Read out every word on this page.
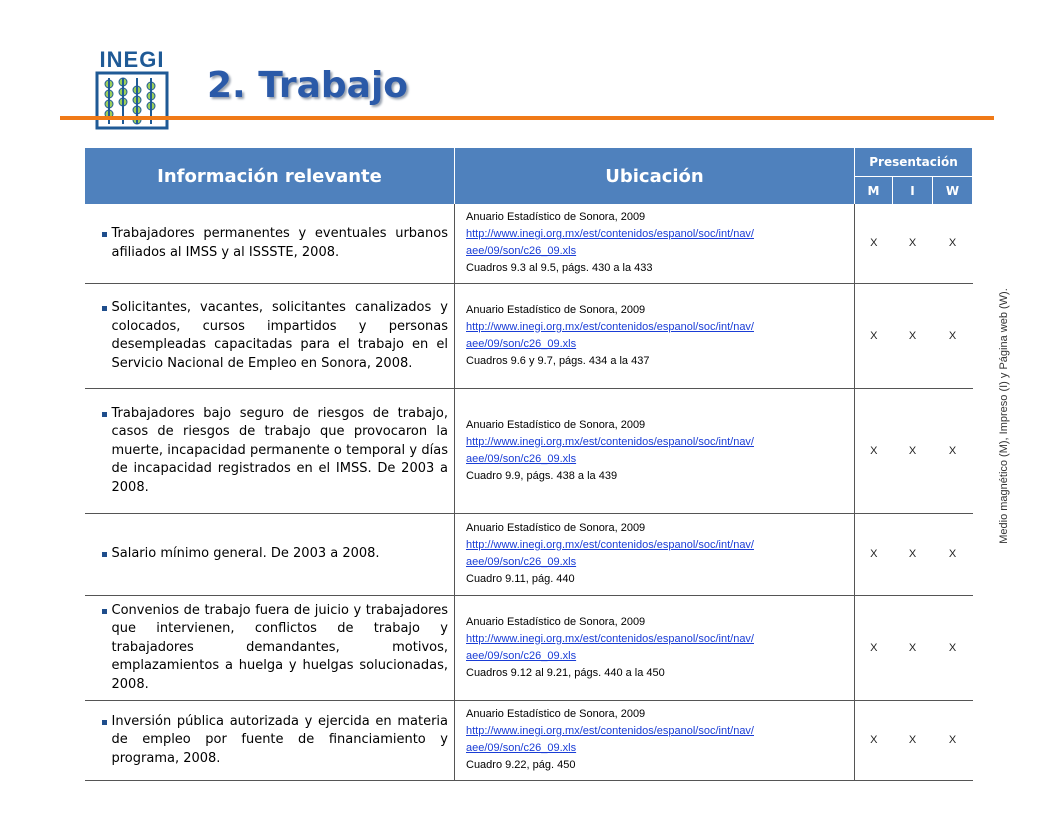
INEGI
2. Trabajo
Información relevante	Ubicación	Presentación		
		M	I	W

Trabajadores permanentes y eventuales urbanos afiliados al IMSS y al ISSSTE, 2008.	Anuario Estadístico de Sonora, 2009
http://www.inegi.org.mx/est/contenidos/espanol/soc/int/nav/
aee/09/son/c26_09.xls
Cuadros 9.3 al 9.5, págs. 430 a la 433	X	X	X

Solicitantes, vacantes, solicitantes canalizados y colocados, cursos impartidos y personas desempleadas capacitadas para el trabajo en el Servicio Nacional de Empleo en Sonora, 2008.	Anuario Estadístico de Sonora, 2009
http://www.inegi.org.mx/est/contenidos/espanol/soc/int/nav/
aee/09/son/c26_09.xls
Cuadros 9.6 y 9.7, págs. 434 a la 437	X	X	X

Trabajadores bajo seguro de riesgos de trabajo, casos de riesgos de trabajo que provocaron la muerte, incapacidad permanente o temporal y días de incapacidad registrados en el IMSS. De 2003 a 2008.	Anuario Estadístico de Sonora, 2009
http://www.inegi.org.mx/est/contenidos/espanol/soc/int/nav/
aee/09/son/c26_09.xls
Cuadro 9.9, págs. 438 a la 439	X	X	X

Salario mínimo general. De 2003 a 2008.	Anuario Estadístico de Sonora, 2009
http://www.inegi.org.mx/est/contenidos/espanol/soc/int/nav/
aee/09/son/c26_09.xls
Cuadro 9.11, pág. 440	X	X	X

Convenios de trabajo fuera de juicio y trabajadores que intervienen, conflictos de trabajo y trabajadores demandantes, motivos, emplazamientos a huelga y huelgas solucionadas, 2008.	Anuario Estadístico de Sonora, 2009
http://www.inegi.org.mx/est/contenidos/espanol/soc/int/nav/
aee/09/son/c26_09.xls
Cuadros 9.12 al 9.21, págs. 440 a la 450	X	X	X

Inversión pública autorizada y ejercida en materia de empleo por fuente de financiamiento y programa, 2008.	Anuario Estadístico de Sonora, 2009
http://www.inegi.org.mx/est/contenidos/espanol/soc/int/nav/
aee/09/son/c26_09.xls
Cuadro 9.22, pág. 450	X	X	X
Medio magnético (M), Impreso (I) y Página web (W).
